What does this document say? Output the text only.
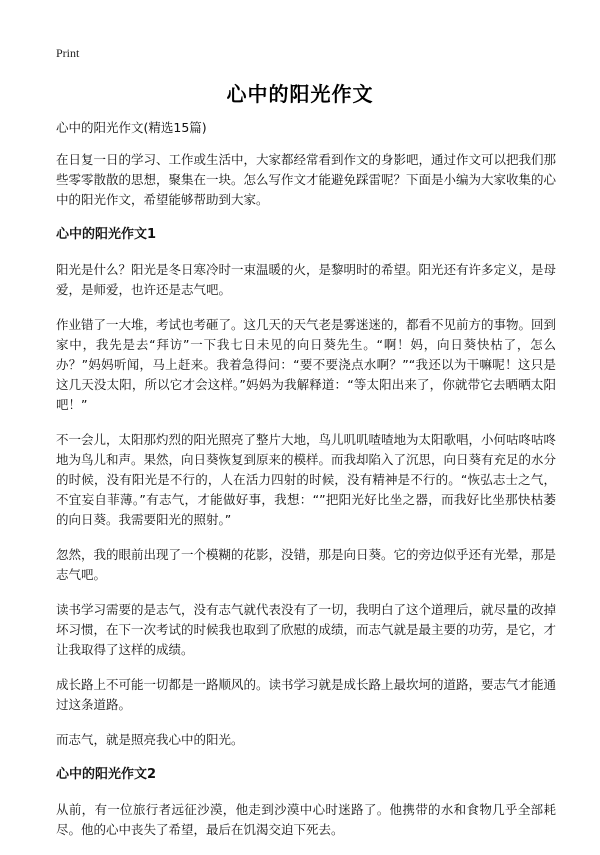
Print
心中的阳光作文

心中的阳光作文(精选15篇)

在日复一日的学习、工作或生活中，大家都经常看到作文的身影吧，通过作文可以把我们那些零零散散的思想，聚集在一块。怎么写作文才能避免踩雷呢？下面是小编为大家收集的心中的阳光作文，希望能够帮助到大家。

心中的阳光作文1

阳光是什么？阳光是冬日寒冷时一束温暖的火，是黎明时的希望。阳光还有许多定义，是母爱，是师爱，也许还是志气吧。

作业错了一大堆，考试也考砸了。这几天的天气老是雾迷迷的，都看不见前方的事物。回到家中，我先是去“拜访”一下我七日未见的向日葵先生。“啊！妈，向日葵快枯了，怎么办？”妈妈听闻，马上赶来。我着急得问：“要不要浇点水啊？”“我还以为干嘛呢！这只是这几天没太阳，所以它才会这样。”妈妈为我解释道：“等太阳出来了，你就带它去晒晒太阳吧！”

不一会儿，太阳那灼烈的阳光照亮了整片大地，鸟儿叽叽喳喳地为太阳歌唱，小何咕咚咕咚地为鸟儿和声。果然，向日葵恢复到原来的模样。而我却陷入了沉思，向日葵有充足的水分的时候，没有阳光是不行的，人在活力四射的时候，没有精神是不行的。“恢弘志士之气，不宜妄自菲薄。”有志气，才能做好事，我想：“”把阳光好比坐之器，而我好比坐那快枯萎的向日葵。我需要阳光的照射。”

忽然，我的眼前出现了一个模糊的花影，没错，那是向日葵。它的旁边似乎还有光晕，那是志气吧。

读书学习需要的是志气，没有志气就代表没有了一切，我明白了这个道理后，就尽量的改掉坏习惯，在下一次考试的时候我也取到了欣慰的成绩，而志气就是最主要的功劳，是它，才让我取得了这样的成绩。

成长路上不可能一切都是一路顺风的。读书学习就是成长路上最坎坷的道路，要志气才能通过这条道路。

而志气，就是照亮我心中的阳光。

心中的阳光作文2

从前，有一位旅行者远征沙漠，他走到沙漠中心时迷路了。他携带的水和食物几乎全部耗尽。他的心中丧失了希望，最后在饥渴交迫下死去。
